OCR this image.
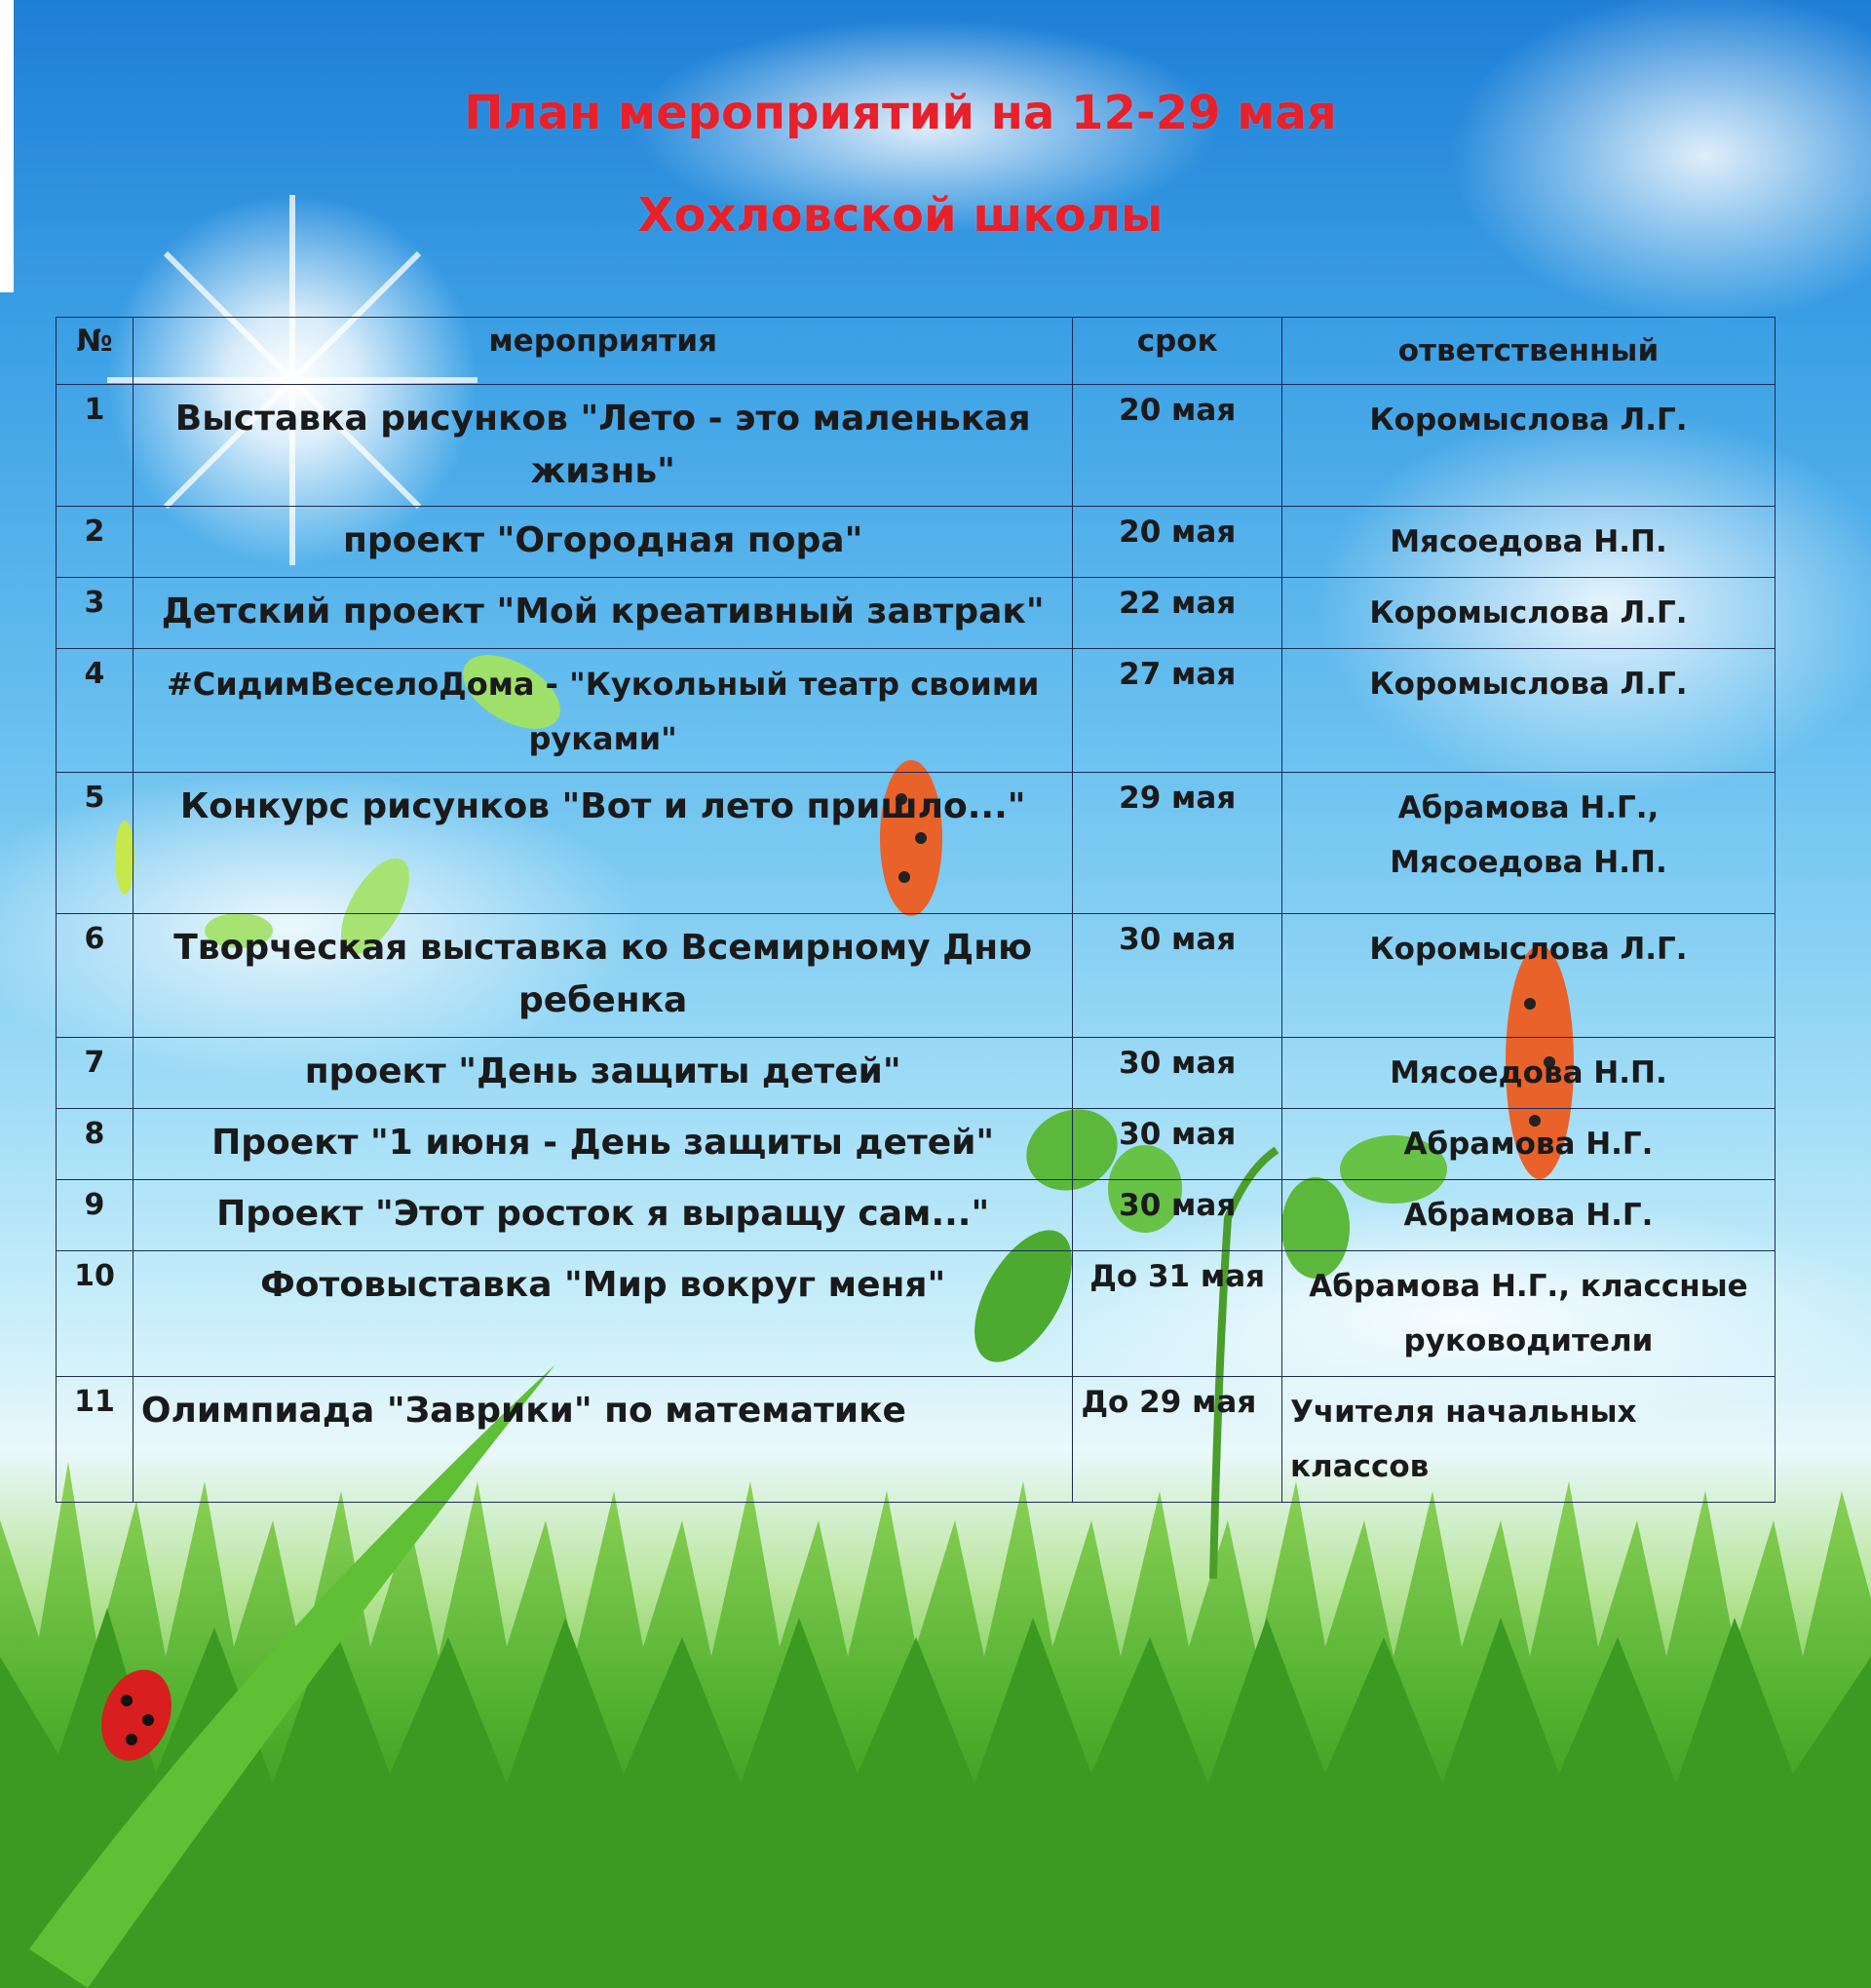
План мероприятий на 12-29 мая
Хохловской школы
№	мероприятия	срок	ответственный
1	Выставка рисунков "Лето - это маленькая жизнь"	20 мая	Коромыслова Л.Г.
2	проект "Огородная пора"	20 мая	Мясоедова Н.П.
3	Детский проект "Мой креативный завтрак"	22 мая	Коромыслова Л.Г.
4	#СидимВеселоДома - "Кукольный театр своими руками"	27 мая	Коромыслова Л.Г.
5	Конкурс рисунков "Вот и лето пришло..."	29 мая	Абрамова Н.Г.,
Мясоедова Н.П.

6	Творческая выставка ко Всемирному Дню ребенка	30 мая	Коромыслова Л.Г.
7	проект "День защиты детей"	30 мая	Мясоедова Н.П.
8	Проект "1 июня - День защиты детей"	30 мая	Абрамова Н.Г.
9	Проект "Этот росток я выращу сам..."	30 мая	Абрамова Н.Г.
10	Фотовыставка "Мир вокруг меня"	До 31 мая	Абрамова Н.Г., классные руководители
11	Олимпиада "Заврики" по математике	До 29 мая	Учителя начальных классов
